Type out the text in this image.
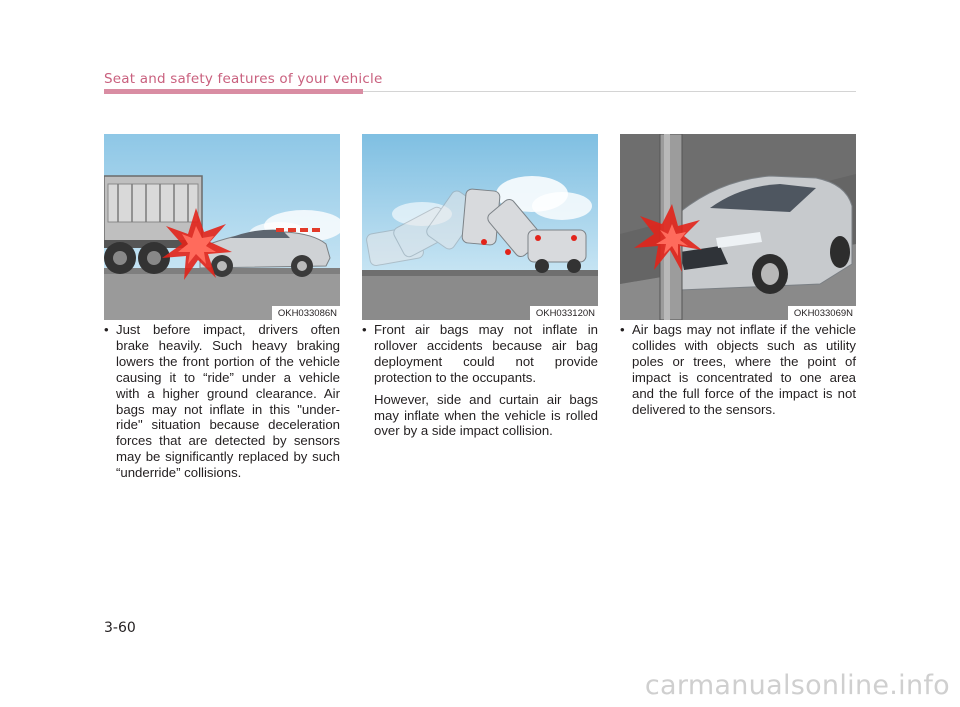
Seat and safety features of your vehicle
OKH033086N	OKH033120N	OKH033069N

• Just before impact, drivers often brake heavily. Such heavy braking lowers the front portion of the vehicle causing it to “ride” under a vehicle with a higher ground clearance. Air bags may not inflate in this "under-ride" situation because deceleration forces that are detected by sensors may be significantly replaced by such “underride” collisions.

• Front air bags may not inflate in rollover accidents because air bag deployment could not provide protection to the occupants.

However, side and curtain air bags may inflate when the vehicle is rolled over by a side impact collision.

• Air bags may not inflate if the vehicle collides with objects such as utility poles or trees, where the point of impact is concentrated to one area and the full force of the impact is not delivered to the sensors.

3-60
carmanualsonline.info
